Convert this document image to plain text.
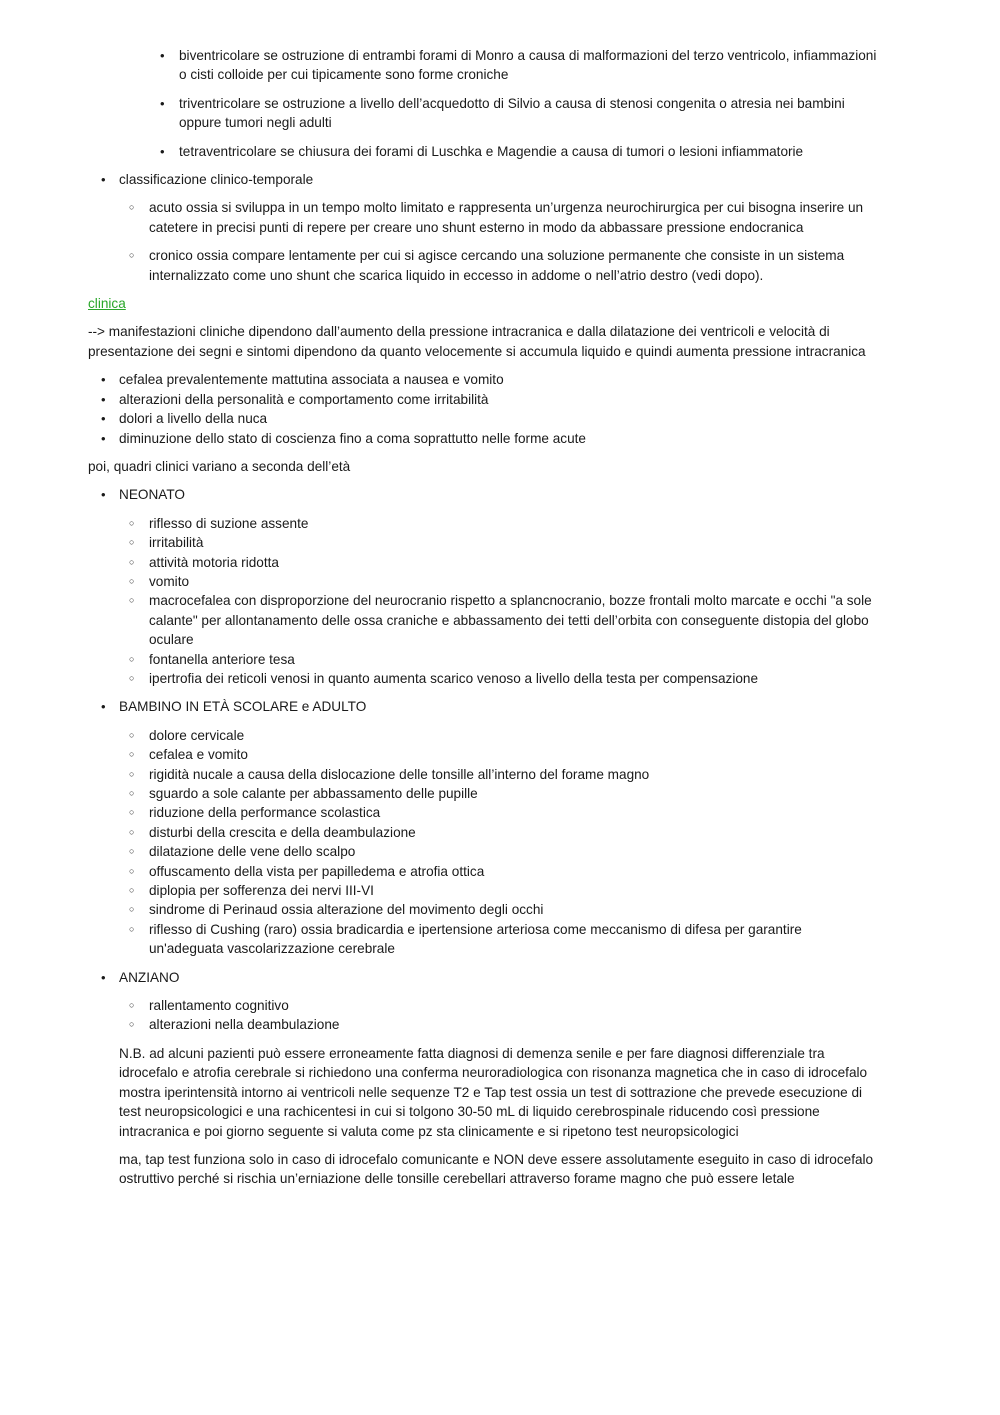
• biventricolare se ostruzione di entrambi forami di Monro a causa di malformazioni del terzo ventricolo, infiammazioni o cisti colloide per cui tipicamente sono forme croniche
• triventricolare se ostruzione a livello dell’acquedotto di Silvio a causa di stenosi congenita o atresia nei bambini oppure tumori negli adulti
• tetraventricolare se chiusura dei forami di Luschka e Magendie a causa di tumori o lesioni infiammatorie
• classificazione clinico-temporale
○ acuto ossia si sviluppa in un tempo molto limitato e rappresenta un’urgenza neurochirurgica per cui bisogna inserire un catetere in precisi punti di repere per creare uno shunt esterno in modo da abbassare pressione endocranica
○ cronico ossia compare lentamente per cui si agisce cercando una soluzione permanente che consiste in un sistema internalizzato come uno shunt che scarica liquido in eccesso in addome o nell’atrio destro (vedi dopo).

clinica

--> manifestazioni cliniche dipendono dall’aumento della pressione intracranica e dalla dilatazione dei ventricoli e velocità di presentazione dei segni e sintomi dipendono da quanto velocemente si accumula liquido e quindi aumenta pressione intracranica

• cefalea prevalentemente mattutina associata a nausea e vomito
• alterazioni della personalità e comportamento come irritabilità
• dolori a livello della nuca
• diminuzione dello stato di coscienza fino a coma soprattutto nelle forme acute

poi, quadri clinici variano a seconda dell’età

• NEONATO
○ riflesso di suzione assente
○ irritabilità
○ attività motoria ridotta
○ vomito
○ macrocefalea con disproporzione del neurocranio rispetto a splancnocranio, bozze frontali molto marcate e occhi "a sole calante" per allontanamento delle ossa craniche e abbassamento dei tetti dell’orbita con conseguente distopia del globo oculare
○ fontanella anteriore tesa
○ ipertrofia dei reticoli venosi in quanto aumenta scarico venoso a livello della testa per compensazione
• BAMBINO IN ETÀ SCOLARE e ADULTO
○ dolore cervicale
○ cefalea e vomito
○ rigidità nucale a causa della dislocazione delle tonsille all’interno del forame magno
○ sguardo a sole calante per abbassamento delle pupille
○ riduzione della performance scolastica
○ disturbi della crescita e della deambulazione
○ dilatazione delle vene dello scalpo
○ offuscamento della vista per papilledema e atrofia ottica
○ diplopia per sofferenza dei nervi III-VI
○ sindrome di Perinaud ossia alterazione del movimento degli occhi
○ riflesso di Cushing (raro) ossia bradicardia e ipertensione arteriosa come meccanismo di difesa per garantire un'adeguata vascolarizzazione cerebrale
• ANZIANO
○ rallentamento cognitivo
○ alterazioni nella deambulazione

N.B. ad alcuni pazienti può essere erroneamente fatta diagnosi di demenza senile e per fare diagnosi differenziale tra idrocefalo e atrofia cerebrale si richiedono una conferma neuroradiologica con risonanza magnetica che in caso di idrocefalo mostra iperintensità intorno ai ventricoli nelle sequenze T2 e Tap test ossia un test di sottrazione che prevede esecuzione di test neuropsicologici e una rachicentesi in cui si tolgono 30-50 mL di liquido cerebrospinale riducendo così pressione intracranica e poi giorno seguente si valuta come pz sta clinicamente e si ripetono test neuropsicologici

ma, tap test funziona solo in caso di idrocefalo comunicante e NON deve essere assolutamente eseguito in caso di idrocefalo ostruttivo perché si rischia un’erniazione delle tonsille cerebellari attraverso forame magno che può essere letale
